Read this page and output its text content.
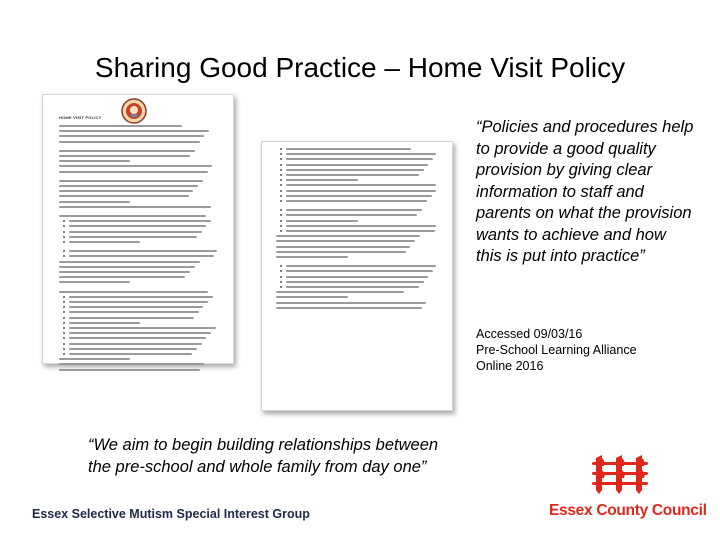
Sharing Good Practice – Home Visit Policy
HOME VISIT POLICY
“Policies and procedures help to provide a good quality provision by giving clear information to staff and parents on what the provision wants to achieve and how this is put into practice”
Accessed 09/03/16
Pre-School Learning Alliance
Online 2016
“We aim to begin building relationships between
the pre-school and whole family from day one”
Essex Selective Mutism Special Interest Group	Essex County Council
